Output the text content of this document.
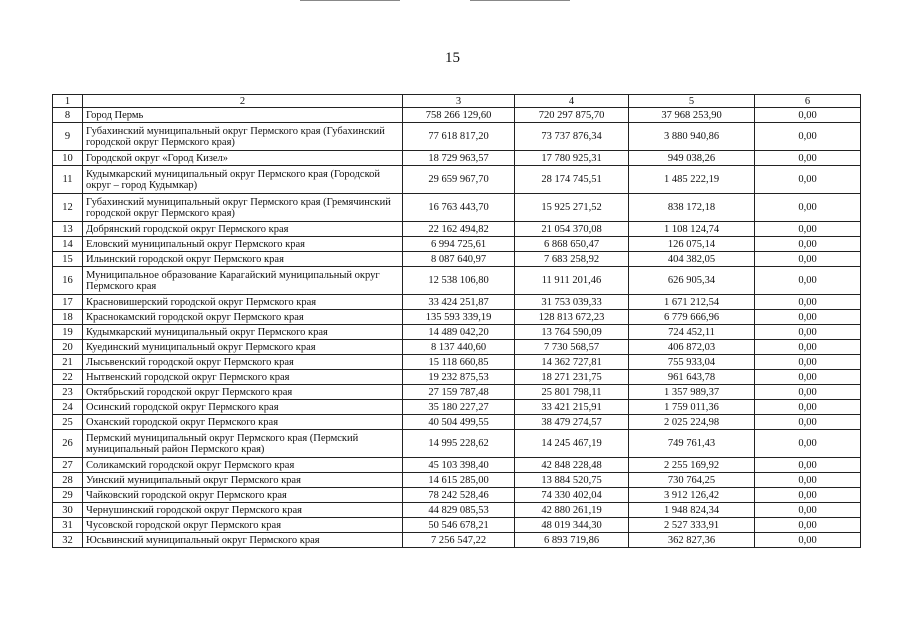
15
1	2	3	4	5	6
8	Город Пермь	758 266 129,60	720 297 875,70	37 968 253,90	0,00
9	Губахинский муниципальный округ Пермского края (Губахинский городской округ Пермского края)	77 618 817,20	73 737 876,34	3 880 940,86	0,00
10	Городской округ «Город Кизел»	18 729 963,57	17 780 925,31	949 038,26	0,00
11	Кудымкарский муниципальный округ Пермского края (Городской округ – город Кудымкар)	29 659 967,70	28 174 745,51	1 485 222,19	0,00
12	Губахинский муниципальный округ Пермского края (Гремячинский городской округ Пермского края)	16 763 443,70	15 925 271,52	838 172,18	0,00
13	Добрянский городской округ Пермского края	22 162 494,82	21 054 370,08	1 108 124,74	0,00
14	Еловский муниципальный округ Пермского края	6 994 725,61	6 868 650,47	126 075,14	0,00
15	Ильинский городской округ Пермского края	8 087 640,97	7 683 258,92	404 382,05	0,00
16	Муниципальное образование Карагайский муниципальный округ Пермского края	12 538 106,80	11 911 201,46	626 905,34	0,00
17	Красновишерский городской округ Пермского края	33 424 251,87	31 753 039,33	1 671 212,54	0,00
18	Краснокамский городской округ Пермского края	135 593 339,19	128 813 672,23	6 779 666,96	0,00
19	Кудымкарский муниципальный округ Пермского края	14 489 042,20	13 764 590,09	724 452,11	0,00
20	Куединский муниципальный округ Пермского края	8 137 440,60	7 730 568,57	406 872,03	0,00
21	Лысьвенский городской округ Пермского края	15 118 660,85	14 362 727,81	755 933,04	0,00
22	Нытвенский городской округ Пермского края	19 232 875,53	18 271 231,75	961 643,78	0,00
23	Октябрьский городской округ Пермского края	27 159 787,48	25 801 798,11	1 357 989,37	0,00
24	Осинский городской округ Пермского края	35 180 227,27	33 421 215,91	1 759 011,36	0,00
25	Оханский городской округ Пермского края	40 504 499,55	38 479 274,57	2 025 224,98	0,00
26	Пермский муниципальный округ Пермского края (Пермский муниципальный район Пермского края)	14 995 228,62	14 245 467,19	749 761,43	0,00
27	Соликамский городской округ Пермского края	45 103 398,40	42 848 228,48	2 255 169,92	0,00
28	Уинский муниципальный округ Пермского края	14 615 285,00	13 884 520,75	730 764,25	0,00
29	Чайковский городской округ Пермского края	78 242 528,46	74 330 402,04	3 912 126,42	0,00
30	Чернушинский городской округ Пермского края	44 829 085,53	42 880 261,19	1 948 824,34	0,00
31	Чусовской городской округ Пермского края	50 546 678,21	48 019 344,30	2 527 333,91	0,00
32	Юсьвинский муниципальный округ Пермского края	7 256 547,22	6 893 719,86	362 827,36	0,00
